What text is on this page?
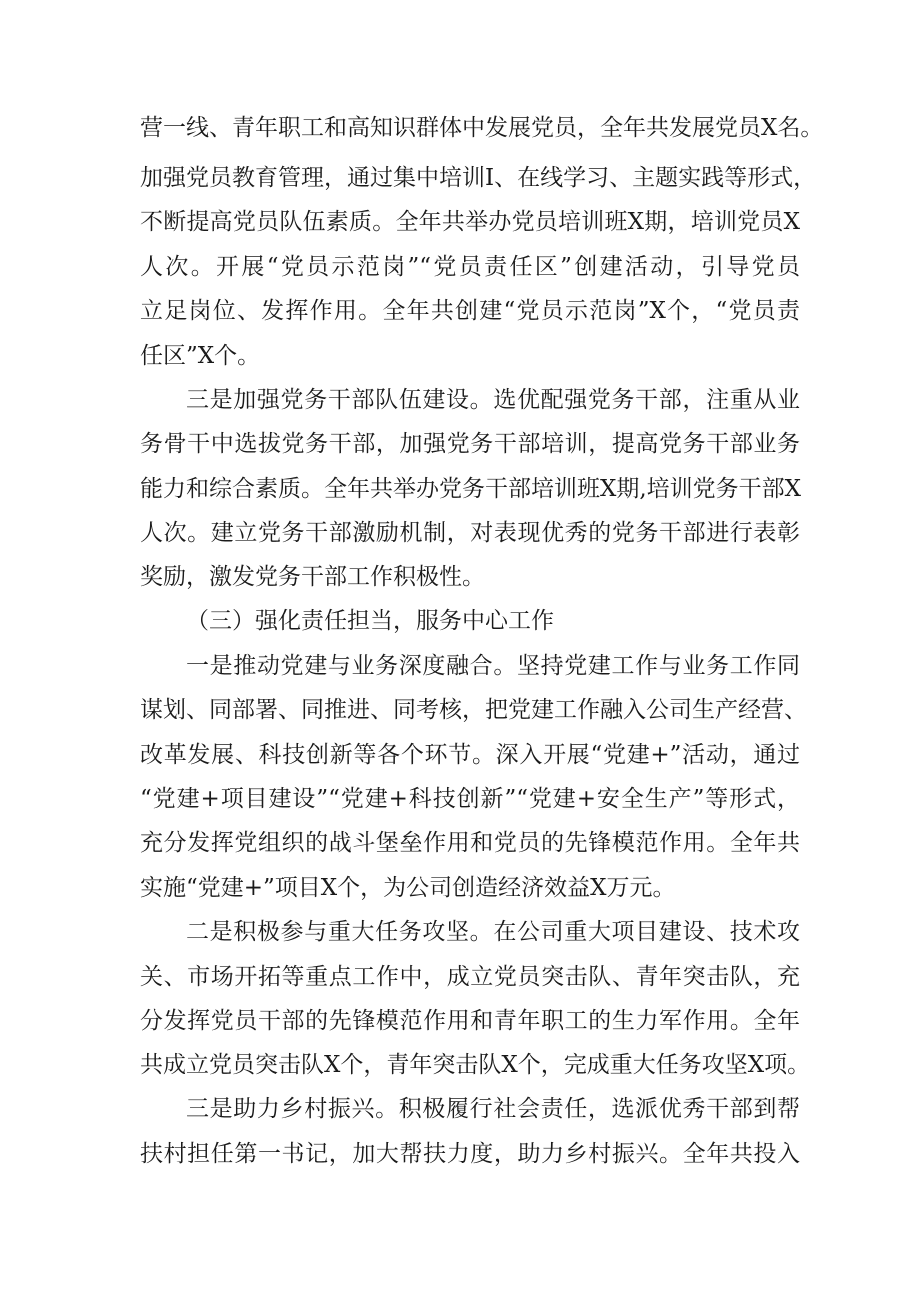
营一线、青年职工和高知识群体中发展党员，全年共发展党员X名。
加强党员教育管理，通过集中培训I、在线学习、主题实践等形式，
不断提高党员队伍素质。全年共举办党员培训班X期，培训党员X
人次。开展“党员示范岗”“党员责任区”创建活动，引导党员
立足岗位、发挥作用。全年共创建“党员示范岗”X个，“党员责
任区”X个。
三是加强党务干部队伍建设。选优配强党务干部，注重从业
务骨干中选拔党务干部，加强党务干部培训，提高党务干部业务
能力和综合素质。全年共举办党务干部培训班X期,培训党务干部X
人次。建立党务干部激励机制，对表现优秀的党务干部进行表彰
奖励，激发党务干部工作积极性。
（三）强化责任担当，服务中心工作
一是推动党建与业务深度融合。坚持党建工作与业务工作同
谋划、同部署、同推进、同考核，把党建工作融入公司生产经营、
改革发展、科技创新等各个环节。深入开展“党建+”活动，通过
“党建+项目建设”“党建+科技创新”“党建+安全生产”等形式，
充分发挥党组织的战斗堡垒作用和党员的先锋模范作用。全年共
实施“党建+”项目X个，为公司创造经济效益X万元。
二是积极参与重大任务攻坚。在公司重大项目建设、技术攻
关、市场开拓等重点工作中，成立党员突击队、青年突击队，充
分发挥党员干部的先锋模范作用和青年职工的生力军作用。全年
共成立党员突击队X个，青年突击队X个，完成重大任务攻坚X项。
三是助力乡村振兴。积极履行社会责任，选派优秀干部到帮
扶村担任第一书记，加大帮扶力度，助力乡村振兴。全年共投入
